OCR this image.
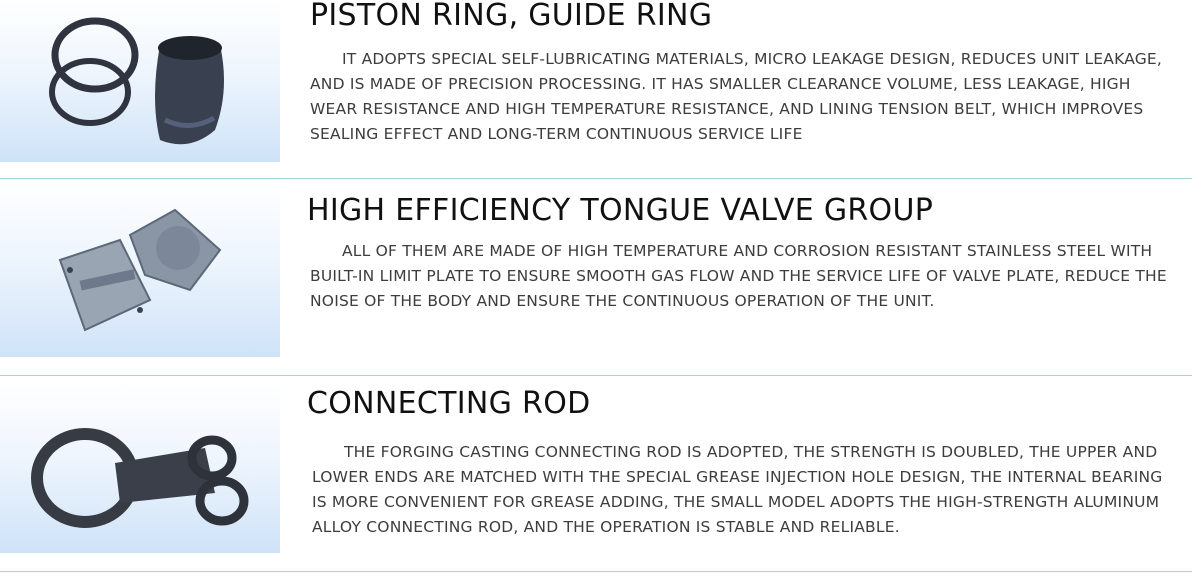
PISTON RING, GUIDE RING

IT ADOPTS SPECIAL SELF-LUBRICATING MATERIALS, MICRO LEAKAGE DESIGN, REDUCES UNIT LEAKAGE, AND IS MADE OF PRECISION PROCESSING. IT HAS SMALLER CLEARANCE VOLUME, LESS LEAKAGE, HIGH WEAR RESISTANCE AND HIGH TEMPERATURE RESISTANCE, AND LINING TENSION BELT, WHICH IMPROVES SEALING EFFECT AND LONG-TERM CONTINUOUS SERVICE LIFE

HIGH EFFICIENCY TONGUE VALVE GROUP

ALL OF THEM ARE MADE OF HIGH TEMPERATURE AND CORROSION RESISTANT STAINLESS STEEL WITH BUILT-IN LIMIT PLATE TO ENSURE SMOOTH GAS FLOW AND THE SERVICE LIFE OF VALVE PLATE, REDUCE THE NOISE OF THE BODY AND ENSURE THE CONTINUOUS OPERATION OF THE UNIT.

CONNECTING ROD

THE FORGING CASTING CONNECTING ROD IS ADOPTED, THE STRENGTH IS DOUBLED, THE UPPER AND LOWER ENDS ARE MATCHED WITH THE SPECIAL GREASE INJECTION HOLE DESIGN, THE INTERNAL BEARING IS MORE CONVENIENT FOR GREASE ADDING, THE SMALL MODEL ADOPTS THE HIGH-STRENGTH ALUMINUM ALLOY CONNECTING ROD, AND THE OPERATION IS STABLE AND RELIABLE.
